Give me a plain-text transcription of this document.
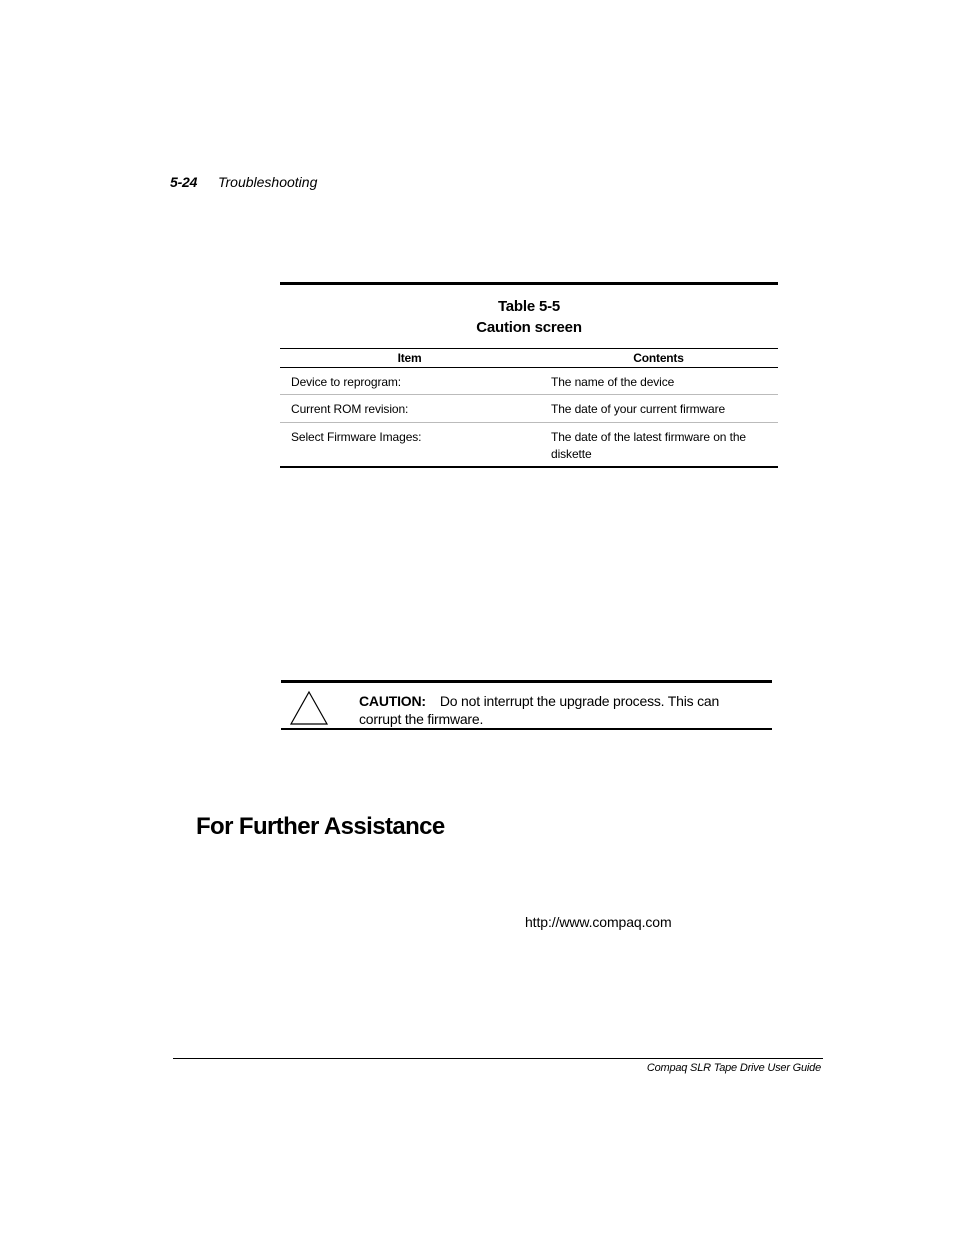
5-24 Troubleshooting
Table 5-5
Caution screen
Item	Contents
Device to reprogram:	The name of the device
Current ROM revision:	The date of your current firmware
Select Firmware Images:	The date of the latest firmware on the diskette
CAUTION: Do not interrupt the upgrade process. This can corrupt the firmware.
For Further Assistance
http://www.compaq.com
Compaq SLR Tape Drive User Guide
